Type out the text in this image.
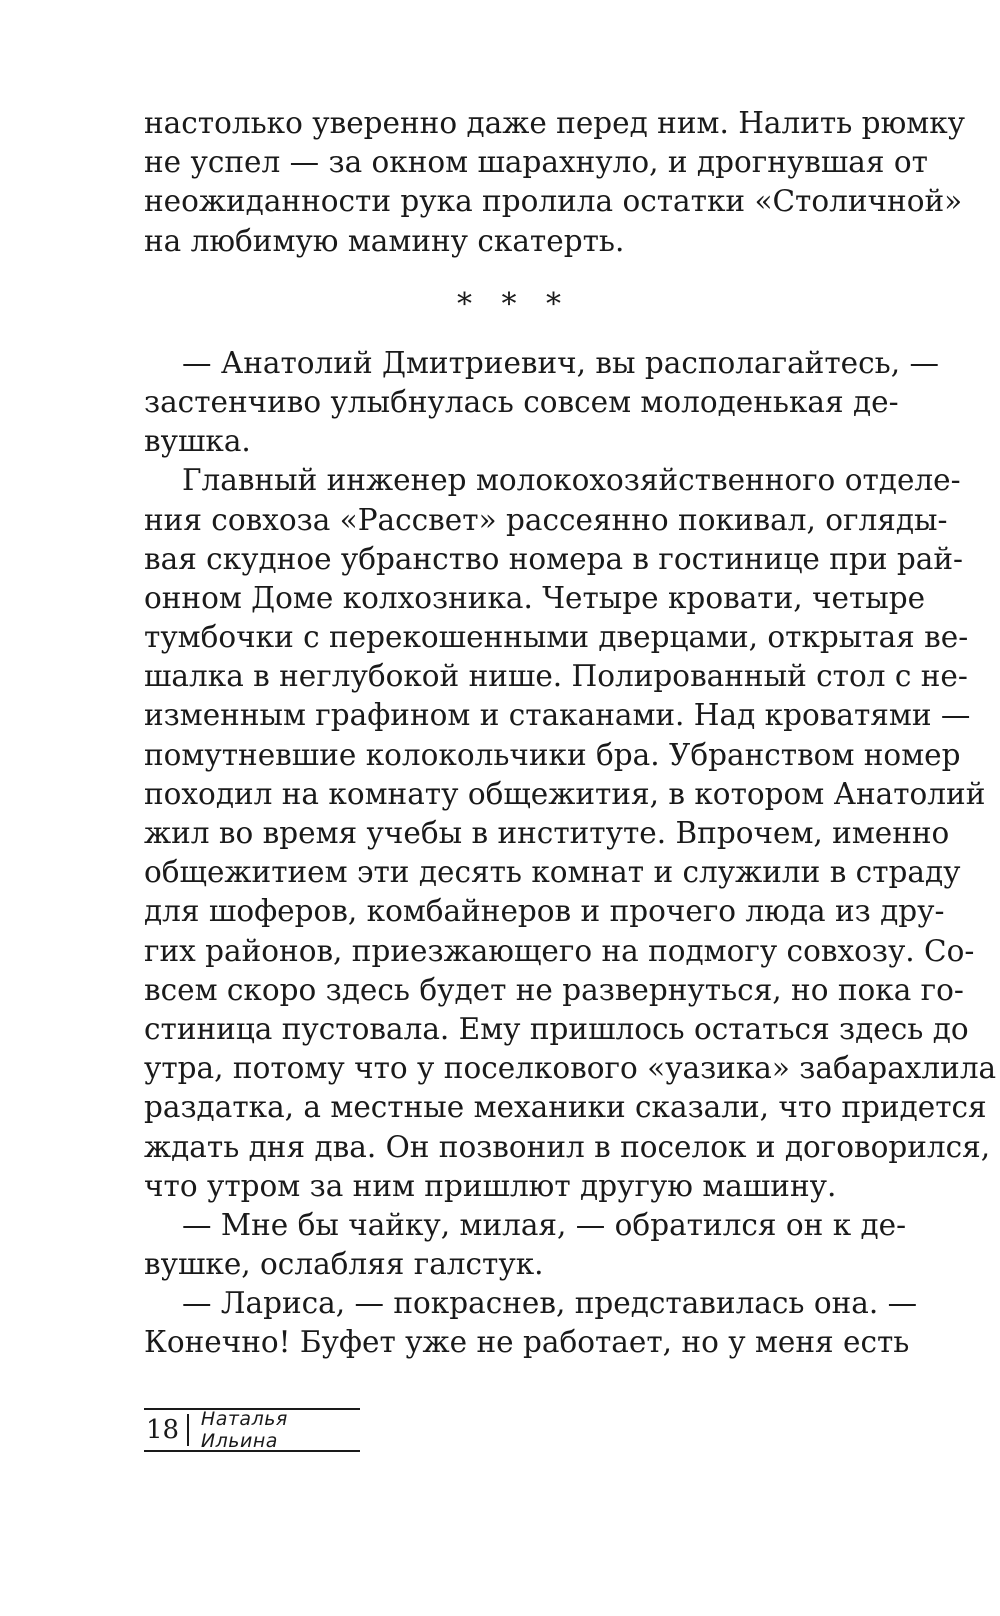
настолько уверенно даже перед ним. Налить рюмку
не успел — за окном шарахнуло, и дрогнувшая от
неожиданности рука пролила остатки «Столичной»
на любимую мамину скатерть.
* * *
— Анатолий Дмитриевич, вы располагайтесь, —
застенчиво улыбнулась совсем молоденькая де-
вушка.
Главный инженер молокохозяйственного отделе-
ния совхоза «Рассвет» рассеянно покивал, огляды-
вая скудное убранство номера в гостинице при рай-
онном Доме колхозника. Четыре кровати, четыре
тумбочки с перекошенными дверцами, открытая ве-
шалка в неглубокой нише. Полированный стол с не-
изменным графином и стаканами. Над кроватями —
помутневшие колокольчики бра. Убранством номер
походил на комнату общежития, в котором Анатолий
жил во время учебы в институте. Впрочем, именно
общежитием эти десять комнат и служили в страду
для шоферов, комбайнеров и прочего люда из дру-
гих районов, приезжающего на подмогу совхозу. Со-
всем скоро здесь будет не развернуться, но пока го-
стиница пустовала. Ему пришлось остаться здесь до
утра, потому что у поселкового «уазика» забарахлила
раздатка, а местные механики сказали, что придется
ждать дня два. Он позвонил в поселок и договорился,
что утром за ним пришлют другую машину.
— Мне бы чайку, милая, — обратился он к де-
вушке, ослабляя галстук.
— Лариса, — покраснев, представилась она. —
Конечно! Буфет уже не работает, но у меня есть
18	Наталья Ильина
